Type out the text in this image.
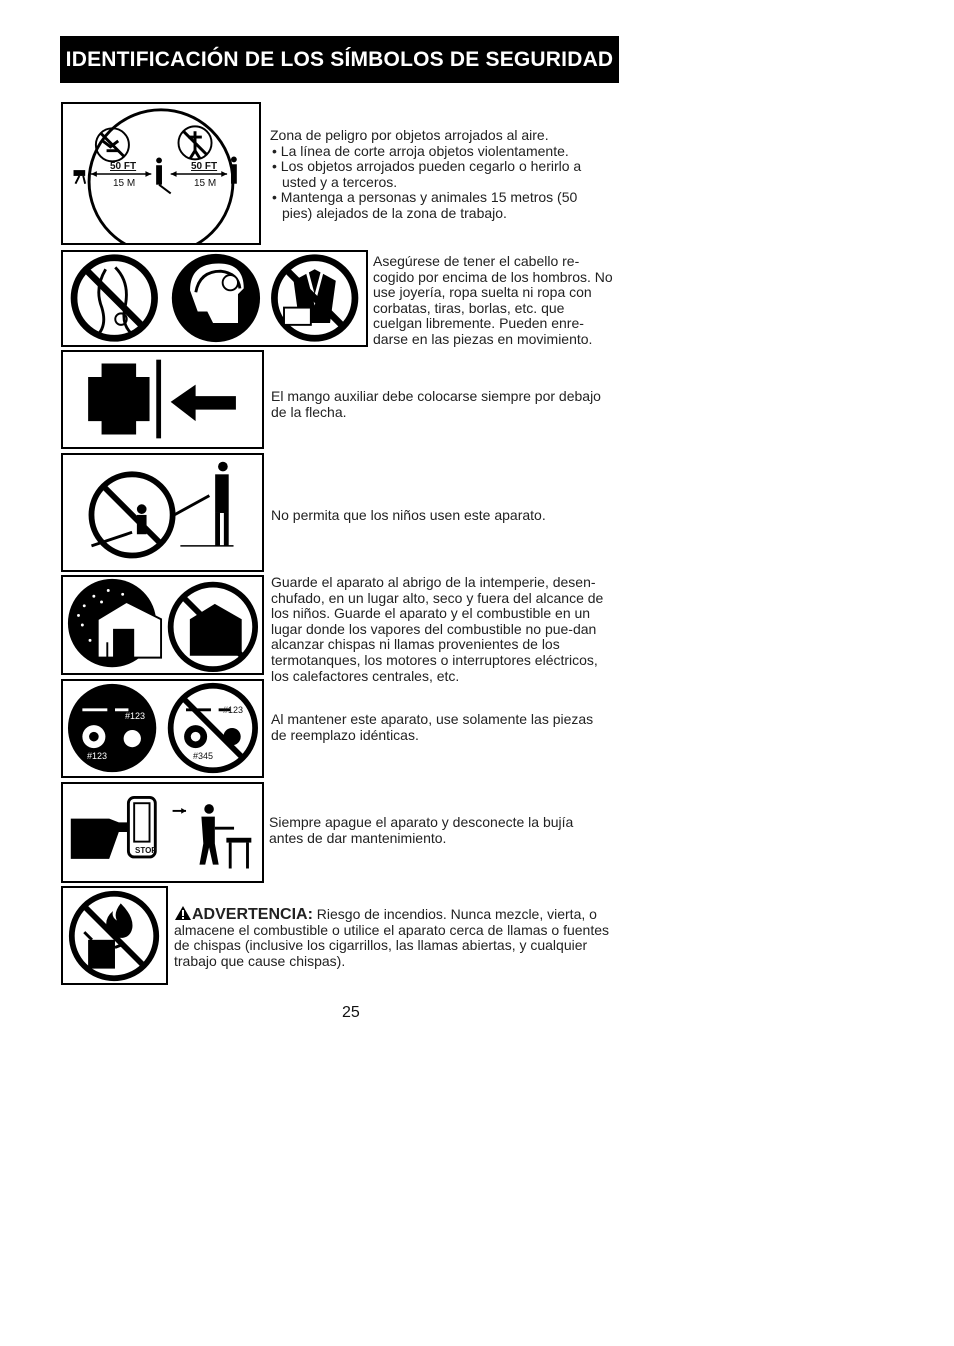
IDENTIFICACIÓN DE LOS SÍMBOLOS DE SEGURIDAD
50 FT
15 M
50 FT
15 M

Zona de peligro por objetos arrojados al aire.

• La línea de corte arroja objetos violentamente.
• Los objetos arrojados pueden cegarlo o herirlo a usted y a terceros.
• Mantenga a personas y animales 15 metros (50 pies) alejados de la zona de trabajo.
Asegúrese de tener el cabello re-cogido por encima de los hombros. No use joyería, ropa suelta ni ropa con corbatas, tiras, borlas, etc. que cuelgan libremente. Pueden enre-darse en las piezas en movimiento.
El mango auxiliar debe colocarse siempre por debajo de la flecha.
No permita que los niños usen este aparato.
Guarde el aparato al abrigo de la intemperie, desen-chufado, en un lugar alto, seco y fuera del alcance de los niños. Guarde el aparato y el combustible en un lugar donde los vapores del combustible no pue-dan alcanzar chispas ni llamas provenientes de los termotanques, los motores o interruptores eléctricos, los calefactores centrales, etc.
#123
#123
#123
#345
Al mantener este aparato, use solamente las piezas de reemplazo idénticas.
STOP
Siempre apague el aparato y desconecte la bujía antes de dar mantenimiento.
ADVERTENCIA: Riesgo de incendios. Nunca mezcle, vierta, o almacene el combustible o utilice el aparato cerca de llamas o fuentes de chispas (inclusive los cigarrillos, las llamas abiertas, y cualquier trabajo que cause chispas).
25
